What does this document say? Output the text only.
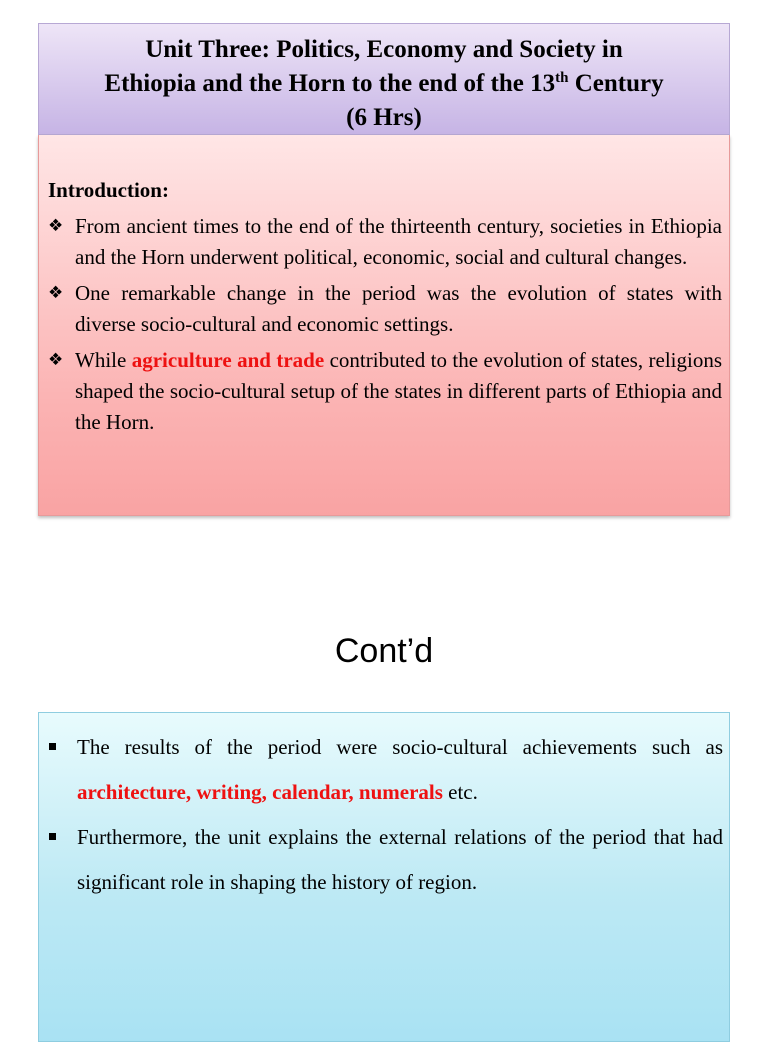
Unit Three: Politics, Economy and Society in
Ethiopia and the Horn to the end of the 13th Century
(6 Hrs)
Introduction:
❖ From ancient times to the end of the thirteenth century, societies in Ethiopia and the Horn underwent political, economic, social and cultural changes.
❖ One remarkable change in the period was the evolution of states with diverse socio-cultural and economic settings.
❖ While agriculture and trade contributed to the evolution of states, religions shaped the socio-cultural setup of the states in different parts of Ethiopia and the Horn.
Cont’d
The results of the period were socio-cultural achievements such as architecture, writing, calendar, numerals etc.
Furthermore, the unit explains the external relations of the period that had significant role in shaping the history of region.
